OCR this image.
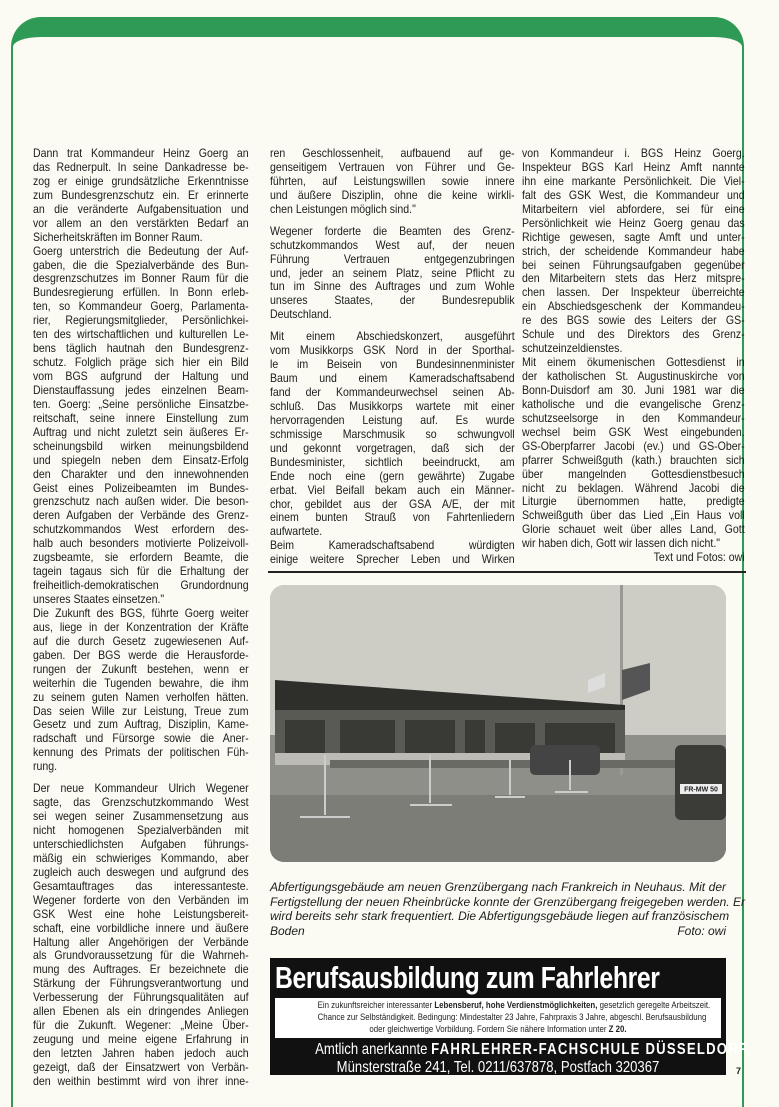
Dann trat Kommandeur Heinz Goerg an
das Rednerpult. In seine Dankadresse be-
zog er einige grundsätzliche Erkenntnisse
zum Bundesgrenzschutz ein. Er erinnerte
an die veränderte Aufgabensituation und
vor allem an den verstärkten Bedarf an
Sicherheitskräften im Bonner Raum.
Goerg unterstrich die Bedeutung der Auf-
gaben, die die Spezialverbände des Bun-
desgrenzschutzes im Bonner Raum für die
Bundesregierung erfüllen. In Bonn erleb-
ten, so Kommandeur Goerg, Parlamenta-
rier, Regierungsmitglieder, Persönlichkei-
ten des wirtschaftlichen und kulturellen Le-
bens täglich hautnah den Bundesgrenz-
schutz. Folglich präge sich hier ein Bild
vom BGS aufgrund der Haltung und
Dienstauffassung jedes einzelnen Beam-
ten. Goerg: „Seine persönliche Einsatzbe-
reitschaft, seine innere Einstellung zum
Auftrag und nicht zuletzt sein äußeres Er-
scheinungsbild wirken meinungsbildend
und spiegeln neben dem Einsatz-Erfolg
den Charakter und den innewohnenden
Geist eines Polizeibeamten im Bundes-
grenzschutz nach außen wider. Die beson-
deren Aufgaben der Verbände des Grenz-
schutzkommandos West erfordern des-
halb auch besonders motivierte Polizeivoll-
zugsbeamte, sie erfordern Beamte, die
tagein tagaus sich für die Erhaltung der
freiheitlich-demokratischen Grundordnung
unseres Staates einsetzen."
Die Zukunft des BGS, führte Goerg weiter
aus, liege in der Konzentration der Kräfte
auf die durch Gesetz zugewiesenen Auf-
gaben. Der BGS werde die Herausforde-
rungen der Zukunft bestehen, wenn er
weiterhin die Tugenden bewahre, die ihm
zu seinem guten Namen verholfen hätten.
Das seien Wille zur Leistung, Treue zum
Gesetz und zum Auftrag, Disziplin, Kame-
radschaft und Fürsorge sowie die Aner-
kennung des Primats der politischen Füh-
rung.
Der neue Kommandeur Ulrich Wegener
sagte, das Grenzschutzkommando West
sei wegen seiner Zusammensetzung aus
nicht homogenen Spezialverbänden mit
unterschiedlichsten Aufgaben führungs-
mäßig ein schwieriges Kommando, aber
zugleich auch deswegen und aufgrund des
Gesamtauftrages das interessanteste.
Wegener forderte von den Verbänden im
GSK West eine hohe Leistungsbereit-
schaft, eine vorbildliche innere und äußere
Haltung aller Angehörigen der Verbände
als Grundvoraussetzung für die Wahrneh-
mung des Auftrages. Er bezeichnete die
Stärkung der Führungsverantwortung und
Verbesserung der Führungsqualitäten auf
allen Ebenen als ein dringendes Anliegen
für die Zukunft. Wegener: „Meine Über-
zeugung und meine eigene Erfahrung in
den letzten Jahren haben jedoch auch
gezeigt, daß der Einsatzwert von Verbän-
den weithin bestimmt wird von ihrer inne-
ren Geschlossenheit, aufbauend auf ge-
genseitigem Vertrauen von Führer und Ge-
führten, auf Leistungswillen sowie innere
und äußere Disziplin, ohne die keine wirkli-
chen Leistungen möglich sind."
Wegener forderte die Beamten des Grenz-
schutzkommandos West auf, der neuen
Führung Vertrauen entgegenzubringen
und, jeder an seinem Platz, seine Pflicht zu
tun im Sinne des Auftrages und zum Wohle
unseres Staates, der Bundesrepublik
Deutschland.
Mit einem Abschiedskonzert, ausgeführt
vom Musikkorps GSK Nord in der Sporthal-
le im Beisein von Bundesinnenminister
Baum und einem Kameradschaftsabend
fand der Kommandeurwechsel seinen Ab-
schluß. Das Musikkorps wartete mit einer
hervorragenden Leistung auf. Es wurde
schmissige Marschmusik so schwungvoll
und gekonnt vorgetragen, daß sich der
Bundesminister, sichtlich beeindruckt, am
Ende noch eine (gern gewährte) Zugabe
erbat. Viel Beifall bekam auch ein Männer-
chor, gebildet aus der GSA A/E, der mit
einem bunten Strauß von Fahrtenliedern
aufwartete.
Beim Kameradschaftsabend würdigten
einige weitere Sprecher Leben und Wirken
von Kommandeur i. BGS Heinz Goerg.
Inspekteur BGS Karl Heinz Amft nannte
ihn eine markante Persönlichkeit. Die Viel-
falt des GSK West, die Kommandeur und
Mitarbeitern viel abfordere, sei für eine
Persönlichkeit wie Heinz Goerg genau das
Richtige gewesen, sagte Amft und unter-
strich, der scheidende Kommandeur habe
bei seinen Führungsaufgaben gegenüber
den Mitarbeitern stets das Herz mitspre-
chen lassen. Der Inspekteur überreichte
ein Abschiedsgeschenk der Kommandeu-
re des BGS sowie des Leiters der GS-
Schule und des Direktors des Grenz-
schutzeinzeldienstes.
Mit einem ökumenischen Gottesdienst in
der katholischen St. Augustinuskirche von
Bonn-Duisdorf am 30. Juni 1981 war die
katholische und die evangelische Grenz-
schutzseelsorge in den Kommandeur-
wechsel beim GSK West eingebunden.
GS-Oberpfarrer Jacobi (ev.) und GS-Ober-
pfarrer Schweißguth (kath.) brauchten sich
über mangelnden Gottesdienstbesuch
nicht zu beklagen. Während Jacobi die
Liturgie übernommen hatte, predigte
Schweißguth über das Lied „Ein Haus voll
Glorie schauet weit über alles Land, Gott
wir haben dich, Gott wir lassen dich nicht."
Text und Fotos: owi
FR-MW 50
Abfertigungsgebäude am neuen Grenzübergang nach Frankreich in Neuhaus. Mit der
Fertigstellung der neuen Rheinbrücke konnte der Grenzübergang freigegeben werden. Er
wird bereits sehr stark frequentiert. Die Abfertigungsgebäude liegen auf französischem
Boden	Foto: owi
Berufsausbildung zum Fahrlehrer
Ein zukunftsreicher interessanter Lebensberuf, hohe Verdienstmöglichkeiten, gesetzlich geregelte Arbeitszeit.
Chance zur Selbständigkeit. Bedingung: Mindestalter 23 Jahre, Fahrpraxis 3 Jahre, abgeschl. Berufsausbildung
oder gleichwertige Vorbildung. Fordern Sie nähere Information unter Z 20.
Amtlich anerkannte FAHRLEHRER-FACHSCHULE DÜSSELDORF,
Münsterstraße 241, Tel. 0211/637878, Postfach 320367	7
